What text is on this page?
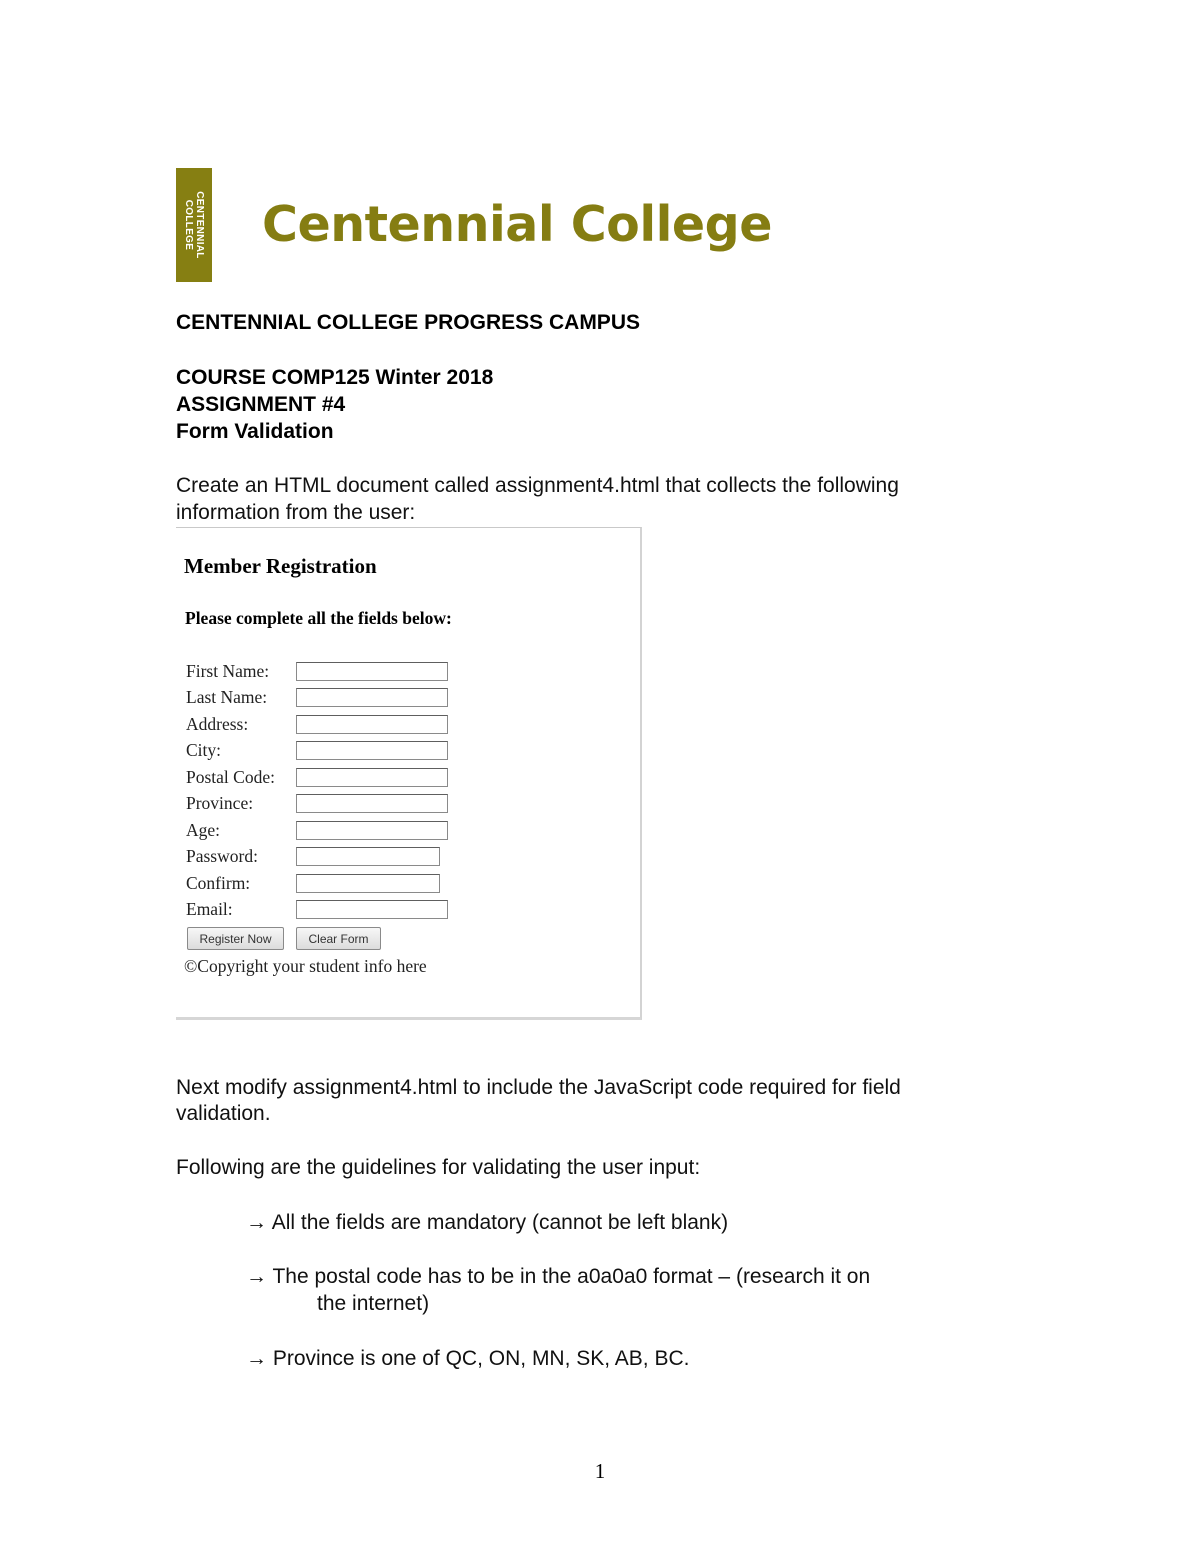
CENTENNIAL
COLLEGE Centennial College
CENTENNIAL COLLEGE PROGRESS CAMPUS
COURSE COMP125 Winter 2018
ASSIGNMENT #4
Form Validation
Create an HTML document called assignment4.html that collects the following
information from the user:
Member Registration
Please complete all the fields below:
First Name:
Last Name:
Address:
City:
Postal Code:
Province:
Age:
Password:
Confirm:
Email:
Register Now	Clear Form
©Copyright your student info here
Next modify assignment4.html to include the JavaScript code required for field
validation.
Following are the guidelines for validating the user input:
→ All the fields are mandatory (cannot be left blank)
→ The postal code has to be in the a0a0a0 format – (research it on
the internet)
→ Province is one of QC, ON, MN, SK, AB, BC.
1
